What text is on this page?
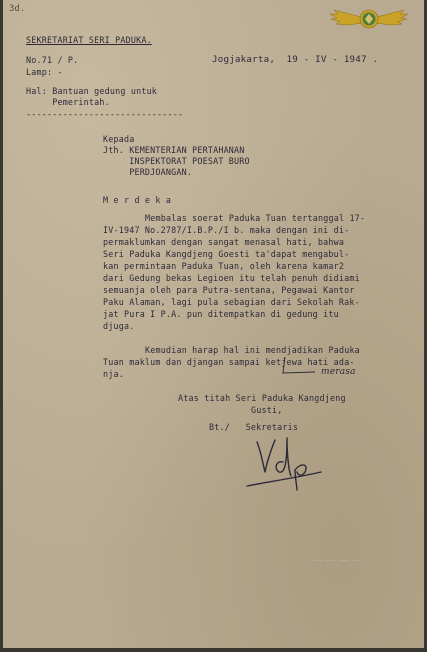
3d.
SEKRETARIAT SERI PADUKA.
No.71 / P.	Jogjakarta,  19 - IV - 1947 .
Lamp: -
Hal: Bantuan gedung untuk
Pemerintah.
------------------------------
Kepada
Jth. KEMENTERIAN PERTAHANAN
INSPEKTORAT POESAT BURO
PERDJOANGAN.
M e r d e k a
Membalas soerat Paduka Tuan tertanggal 17-
IV-1947 No.2787/I.B.P./I b. maka dengan ini di-
permaklumkan dengan sangat menasal hati, bahwa
Seri Paduka Kangdjeng Goesti ta'dapat mengabul-
kan permintaan Paduka Tuan, oleh karena kamar2
dari Gedung bekas Legioen itu telah penuh didiami
semuanja oleh para Putra-sentana, Pegawai Kantor
Paku Alaman, lagi pula sebagian dari Sekolah Rak-
jat Pura I P.A. pun ditempatkan di gedung itu
djuga.
Kemudian harap hal ini mendjadikan Paduka
Tuan maklum dan djangan sampai ketjewa hati ada-
nja.	merasa
Atas titah Seri Paduka Kangdjeng
Gusti,
Bt./   Sekretaris
— — — —
